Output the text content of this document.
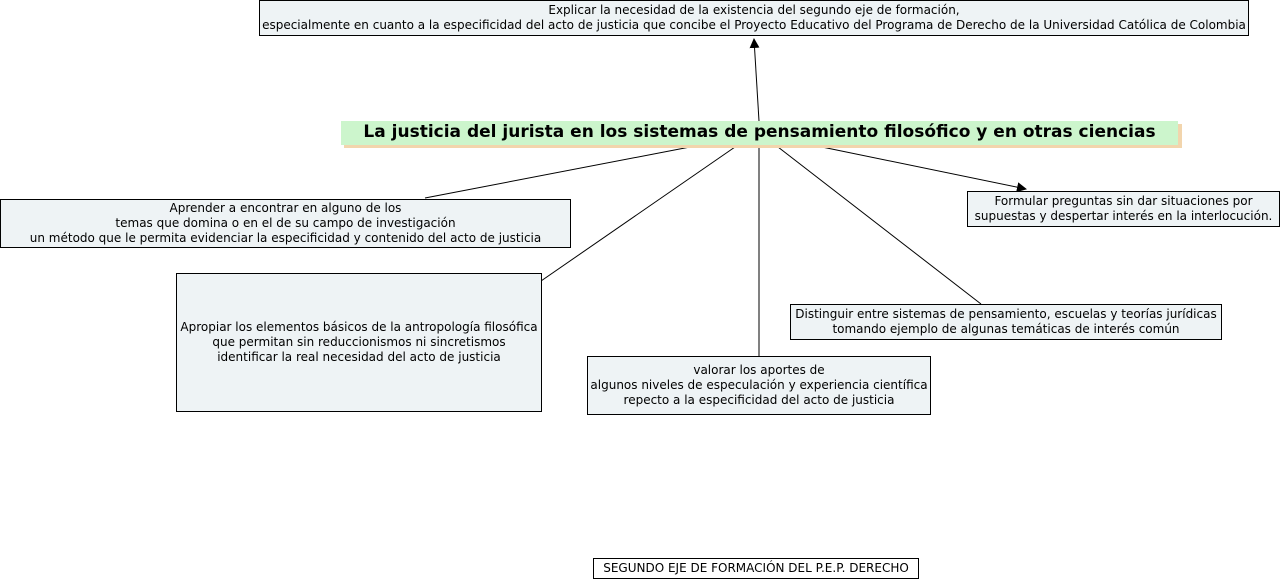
Explicar la necesidad de la existencia del segundo eje de formación,
especialmente en cuanto a la especificidad del acto de justicia que concibe el Proyecto Educativo del Programa de Derecho de la Universidad Católica de Colombia
La justicia del jurista en los sistemas de pensamiento filosófico y en otras ciencias
Aprender a encontrar en alguno de los
temas que domina o en el de su campo de investigación
un método que le permita evidenciar la especificidad y contenido del acto de justicia
Formular preguntas sin dar situaciones por
supuestas y despertar interés en la interlocución.
Apropiar los elementos básicos de la antropología filosófica
que permitan sin reduccionismos ni sincretismos
identificar la real necesidad del acto de justicia
Distinguir entre sistemas de pensamiento, escuelas y teorías jurídicas
tomando ejemplo de algunas temáticas de interés común
valorar los aportes de
algunos niveles de especulación y experiencia científica
repecto a la especificidad del acto de justicia
SEGUNDO EJE DE FORMACIÓN DEL P.E.P. DERECHO
